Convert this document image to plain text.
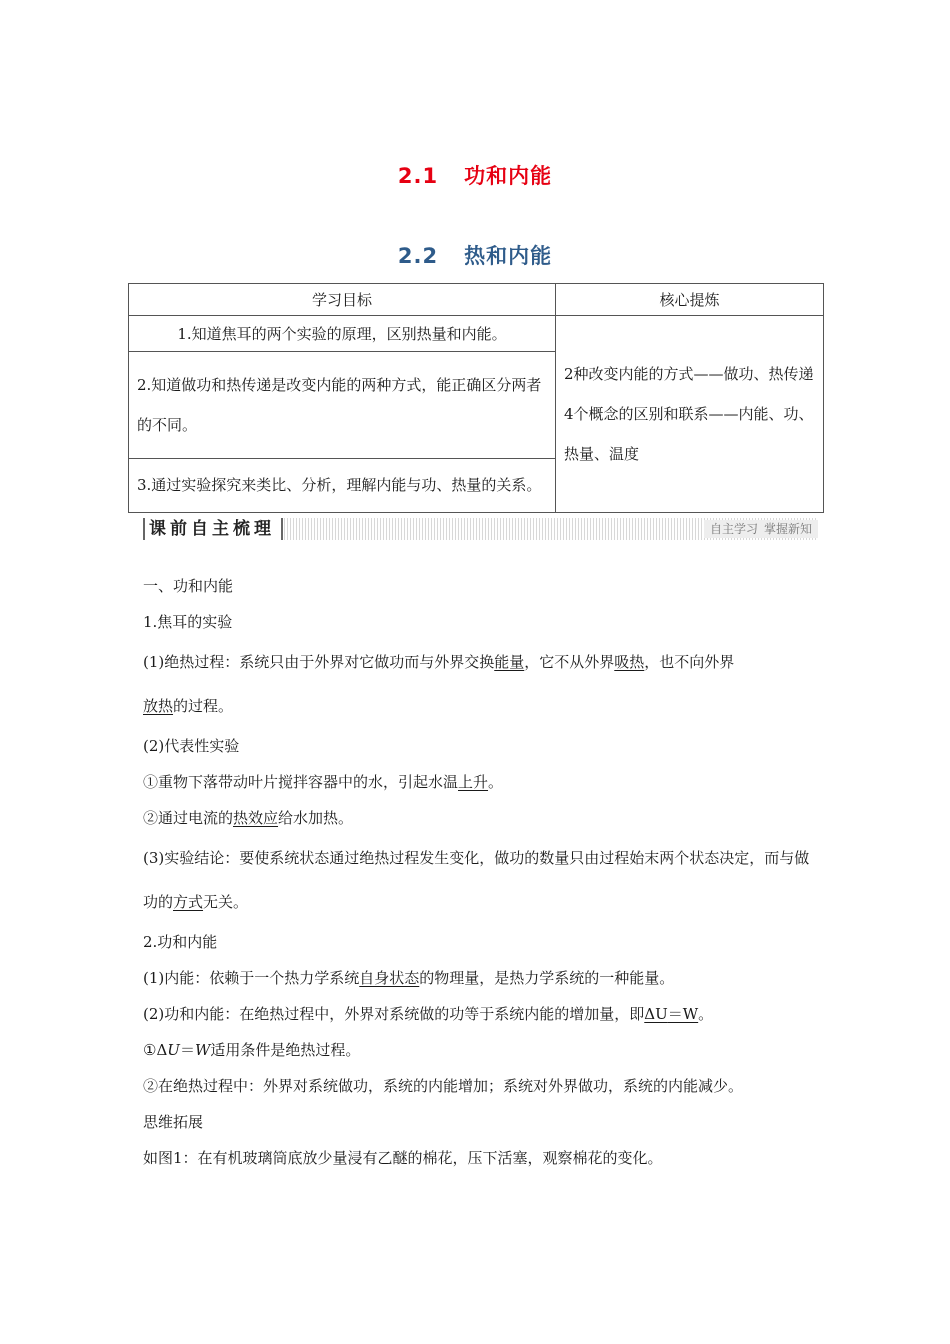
2.1 功和内能
2.2 热和内能
学习目标	核心提炼
1.知道焦耳的两个实验的原理，区别热量和内能。	2种改变内能的方式——做功、热传递
4个概念的区别和联系——内能、功、热量、温度

2.知道做功和热传递是改变内能的两种方式，能正确区分两者的不同。	
3.通过实验探究来类比、分析，理解内能与功、热量的关系。	
课前自主梳理	自主学习 掌握新知

一、功和内能

1.焦耳的实验

(1)绝热过程：系统只由于外界对它做功而与外界交换能量，它不从外界吸热，也不向外界
放热的过程。

(2)代表性实验

①重物下落带动叶片搅拌容器中的水，引起水温上升。

②通过电流的热效应给水加热。

(3)实验结论：要使系统状态通过绝热过程发生变化，做功的数量只由过程始末两个状态决定，而与做功的方式无关。

2.功和内能

(1)内能：依赖于一个热力学系统自身状态的物理量，是热力学系统的一种能量。

(2)功和内能：在绝热过程中，外界对系统做的功等于系统内能的增加量，即ΔU＝W。

①ΔU＝W适用条件是绝热过程。

②在绝热过程中：外界对系统做功，系统的内能增加；系统对外界做功，系统的内能减少。

思维拓展

如图1：在有机玻璃筒底放少量浸有乙醚的棉花，压下活塞，观察棉花的变化。
